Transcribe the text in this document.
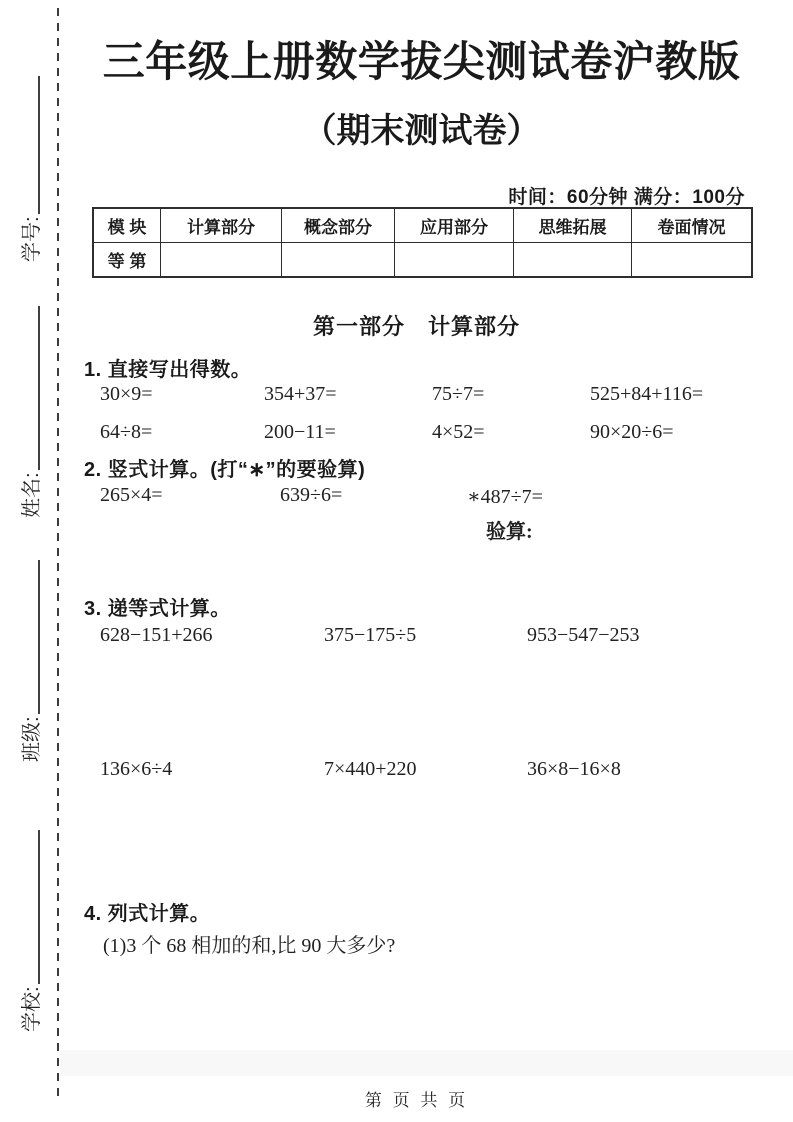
学号:
姓名:
班级:
学校:
三年级上册数学拔尖测试卷沪教版
（期末测试卷）
时间：60分钟 满分：100分
模 块	计算部分	概念部分	应用部分	思维拓展	卷面情况
等 第					
第一部分　计算部分
1. 直接写出得数。
30×9=	354+37=	75÷7=	525+84+116=
64÷8=	200−11=	4×52=	90×20÷6=
2. 竖式计算。(打“∗”的要验算)
265×4=	639÷6=	∗487÷7=
验算:
3. 递等式计算。
628−151+266	375−175÷5	953−547−253
136×6÷4	7×440+220	36×8−16×8
4. 列式计算。
(1)3 个 68 相加的和,比 90 大多少?
第 页 共 页
